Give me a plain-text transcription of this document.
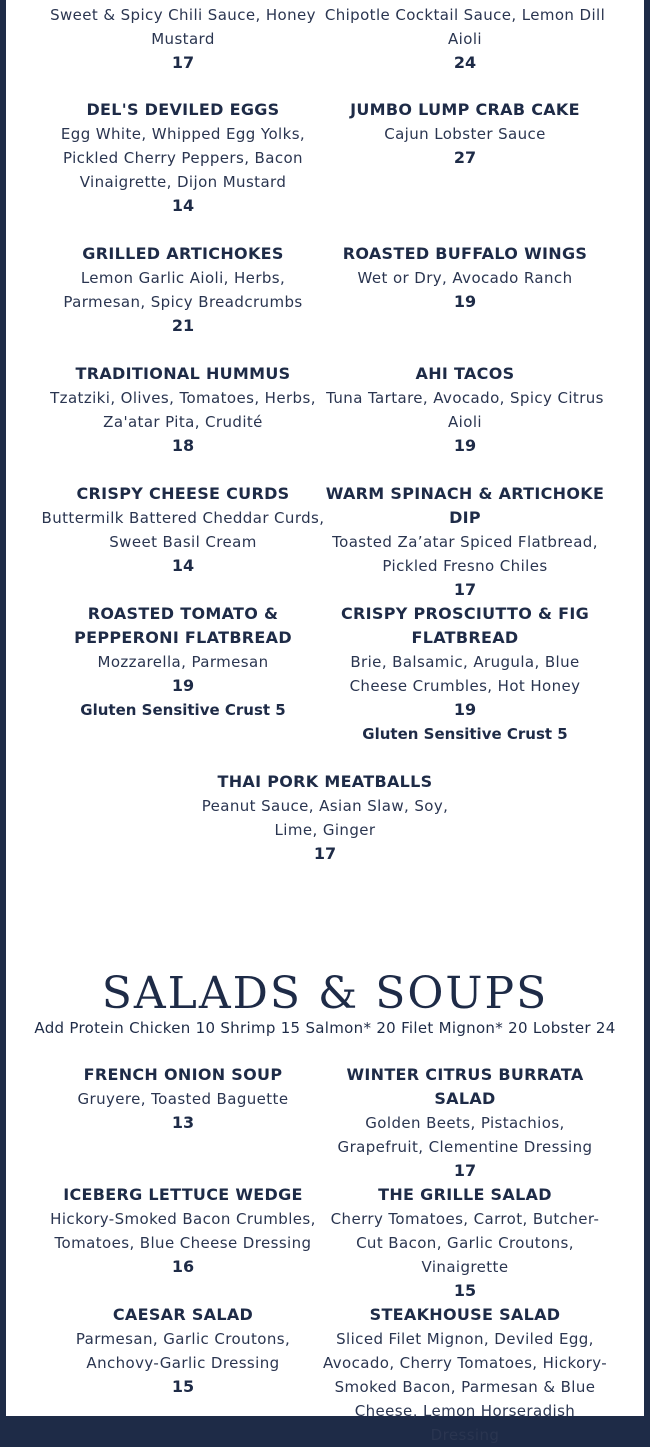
Sweet & Spicy Chili Sauce, Honey Mustard
17
Chipotle Cocktail Sauce, Lemon Dill Aioli
24
DEL'S DEVILED EGGS
Egg White, Whipped Egg Yolks, Pickled Cherry Peppers, Bacon Vinaigrette, Dijon Mustard
14
JUMBO LUMP CRAB CAKE
Cajun Lobster Sauce
27
GRILLED ARTICHOKES
Lemon Garlic Aioli, Herbs, Parmesan, Spicy Breadcrumbs
21
ROASTED BUFFALO WINGS
Wet or Dry, Avocado Ranch
19
TRADITIONAL HUMMUS
Tzatziki, Olives, Tomatoes, Herbs, Za'atar Pita, Crudité
18
AHI TACOS
Tuna Tartare, Avocado, Spicy Citrus Aioli
19
CRISPY CHEESE CURDS
Buttermilk Battered Cheddar Curds, Sweet Basil Cream
14
WARM SPINACH & ARTICHOKE DIP
Toasted Za’atar Spiced Flatbread, Pickled Fresno Chiles
17
ROASTED TOMATO & PEPPERONI FLATBREAD
Mozzarella, Parmesan
19
Gluten Sensitive Crust 5
CRISPY PROSCIUTTO & FIG FLATBREAD
Brie, Balsamic, Arugula, Blue Cheese Crumbles, Hot Honey
19
Gluten Sensitive Crust 5
THAI PORK MEATBALLS
Peanut Sauce, Asian Slaw, Soy, Lime, Ginger
17
SALADS & SOUPS
Add Protein Chicken 10 Shrimp 15 Salmon* 20 Filet Mignon* 20 Lobster 24
FRENCH ONION SOUP
Gruyere, Toasted Baguette
13
WINTER CITRUS BURRATA SALAD
Golden Beets, Pistachios, Grapefruit, Clementine Dressing
17
ICEBERG LETTUCE WEDGE
Hickory-Smoked Bacon Crumbles, Tomatoes, Blue Cheese Dressing
16
THE GRILLE SALAD
Cherry Tomatoes, Carrot, Butcher-Cut Bacon, Garlic Croutons, Vinaigrette
15
CAESAR SALAD
Parmesan, Garlic Croutons, Anchovy-Garlic Dressing
15
STEAKHOUSE SALAD
Sliced Filet Mignon, Deviled Egg, Avocado, Cherry Tomatoes, Hickory-Smoked Bacon, Parmesan & Blue Cheese, Lemon Horseradish Dressing
